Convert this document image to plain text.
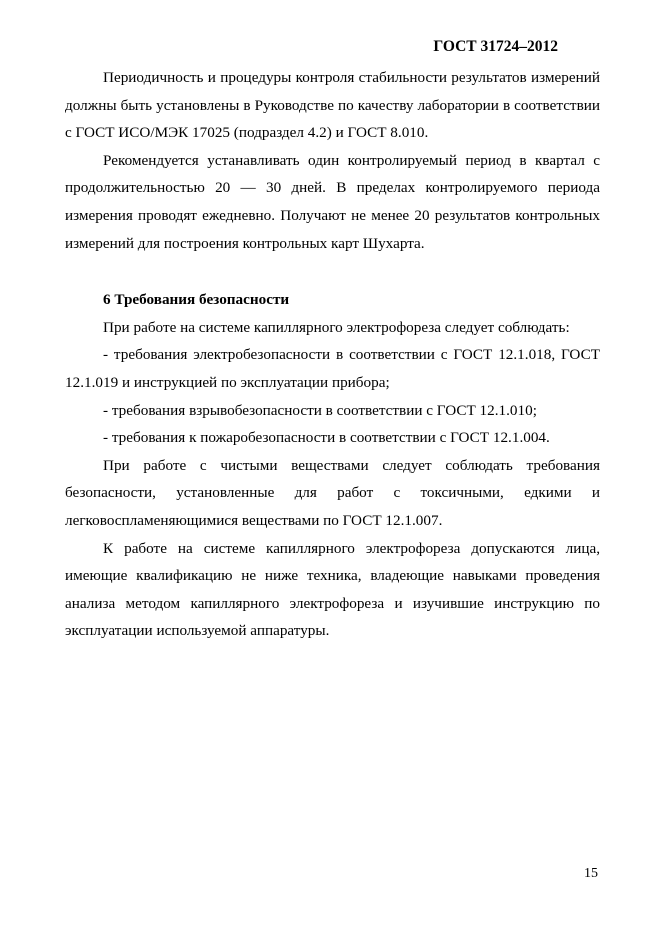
ГОСТ 31724–2012

Периодичность и процедуры контроля стабильности результатов измерений должны быть установлены в Руководстве по качеству лаборатории в соответствии с ГОСТ ИСО/МЭК 17025 (подраздел 4.2) и ГОСТ 8.010.

Рекомендуется устанавливать один контролируемый период в квартал с продолжительностью 20 — 30 дней. В пределах контролируемого периода измерения проводят ежедневно. Получают не менее 20 результатов контрольных измерений для построения контрольных карт Шухарта.

6 Требования безопасности

При работе на системе капиллярного электрофореза следует соблюдать:

- требования электробезопасности в соответствии с ГОСТ 12.1.018, ГОСТ 12.1.019 и инструкцией по эксплуатации прибора;

- требования взрывобезопасности в соответствии с ГОСТ 12.1.010;

- требования к пожаробезопасности в соответствии с ГОСТ 12.1.004.

При работе с чистыми веществами следует соблюдать требования безопасности, установленные для работ с токсичными, едкими и легковоспламеняющимися веществами по ГОСТ 12.1.007.

К работе на системе капиллярного электрофореза допускаются лица, имеющие квалификацию не ниже техника, владеющие навыками проведения анализа методом капиллярного электрофореза и изучившие инструкцию по эксплуатации используемой аппаратуры.

15
